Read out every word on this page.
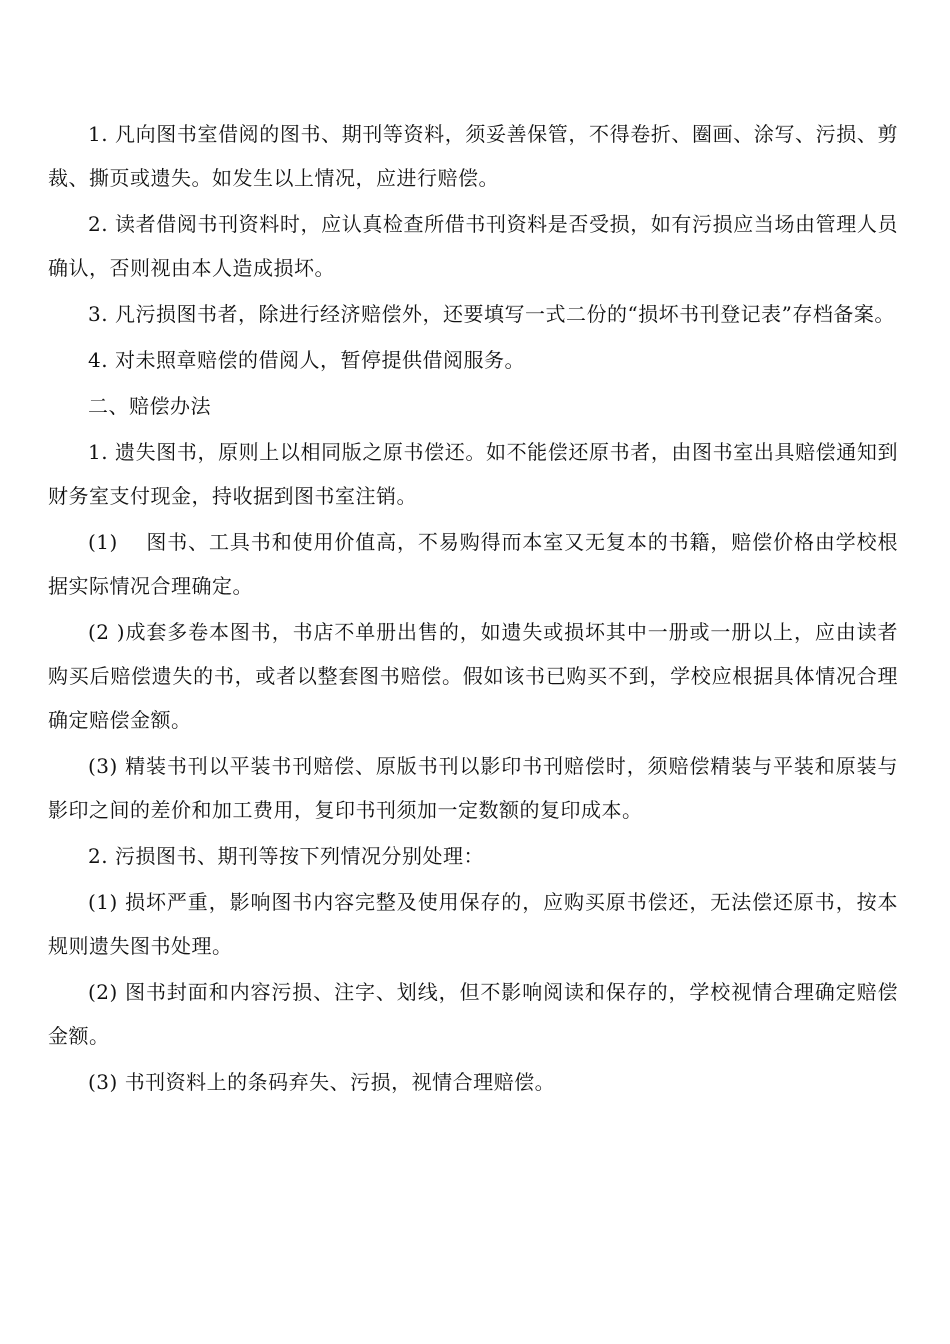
1. 凡向图书室借阅的图书、期刊等资料，须妥善保管，不得卷折、圈画、涂写、污损、剪裁、撕页或遗失。如发生以上情况，应进行赔偿。

2. 读者借阅书刊资料时，应认真检查所借书刊资料是否受损，如有污损应当场由管理人员确认，否则视由本人造成损坏。

3. 凡污损图书者，除进行经济赔偿外，还要填写一式二份的“损坏书刊登记表”存档备案。

4. 对未照章赔偿的借阅人，暂停提供借阅服务。

二、赔偿办法

1. 遗失图书，原则上以相同版之原书偿还。如不能偿还原书者，由图书室出具赔偿通知到财务室支付现金，持收据到图书室注销。

(1)　 图书、工具书和使用价值高，不易购得而本室又无复本的书籍，赔偿价格由学校根据实际情况合理确定。

(2 )成套多卷本图书，书店不单册出售的，如遗失或损坏其中一册或一册以上，应由读者购买后赔偿遗失的书，或者以整套图书赔偿。假如该书已购买不到，学校应根据具体情况合理确定赔偿金额。

(3) 精装书刊以平装书刊赔偿、原版书刊以影印书刊赔偿时，须赔偿精装与平装和原装与影印之间的差价和加工费用，复印书刊须加一定数额的复印成本。

2. 污损图书、期刊等按下列情况分别处理：

(1) 损坏严重，影响图书内容完整及使用保存的，应购买原书偿还，无法偿还原书，按本规则遗失图书处理。

(2) 图书封面和内容污损、注字、划线，但不影响阅读和保存的，学校视情合理确定赔偿金额。

(3) 书刊资料上的条码弃失、污损，视情合理赔偿。
